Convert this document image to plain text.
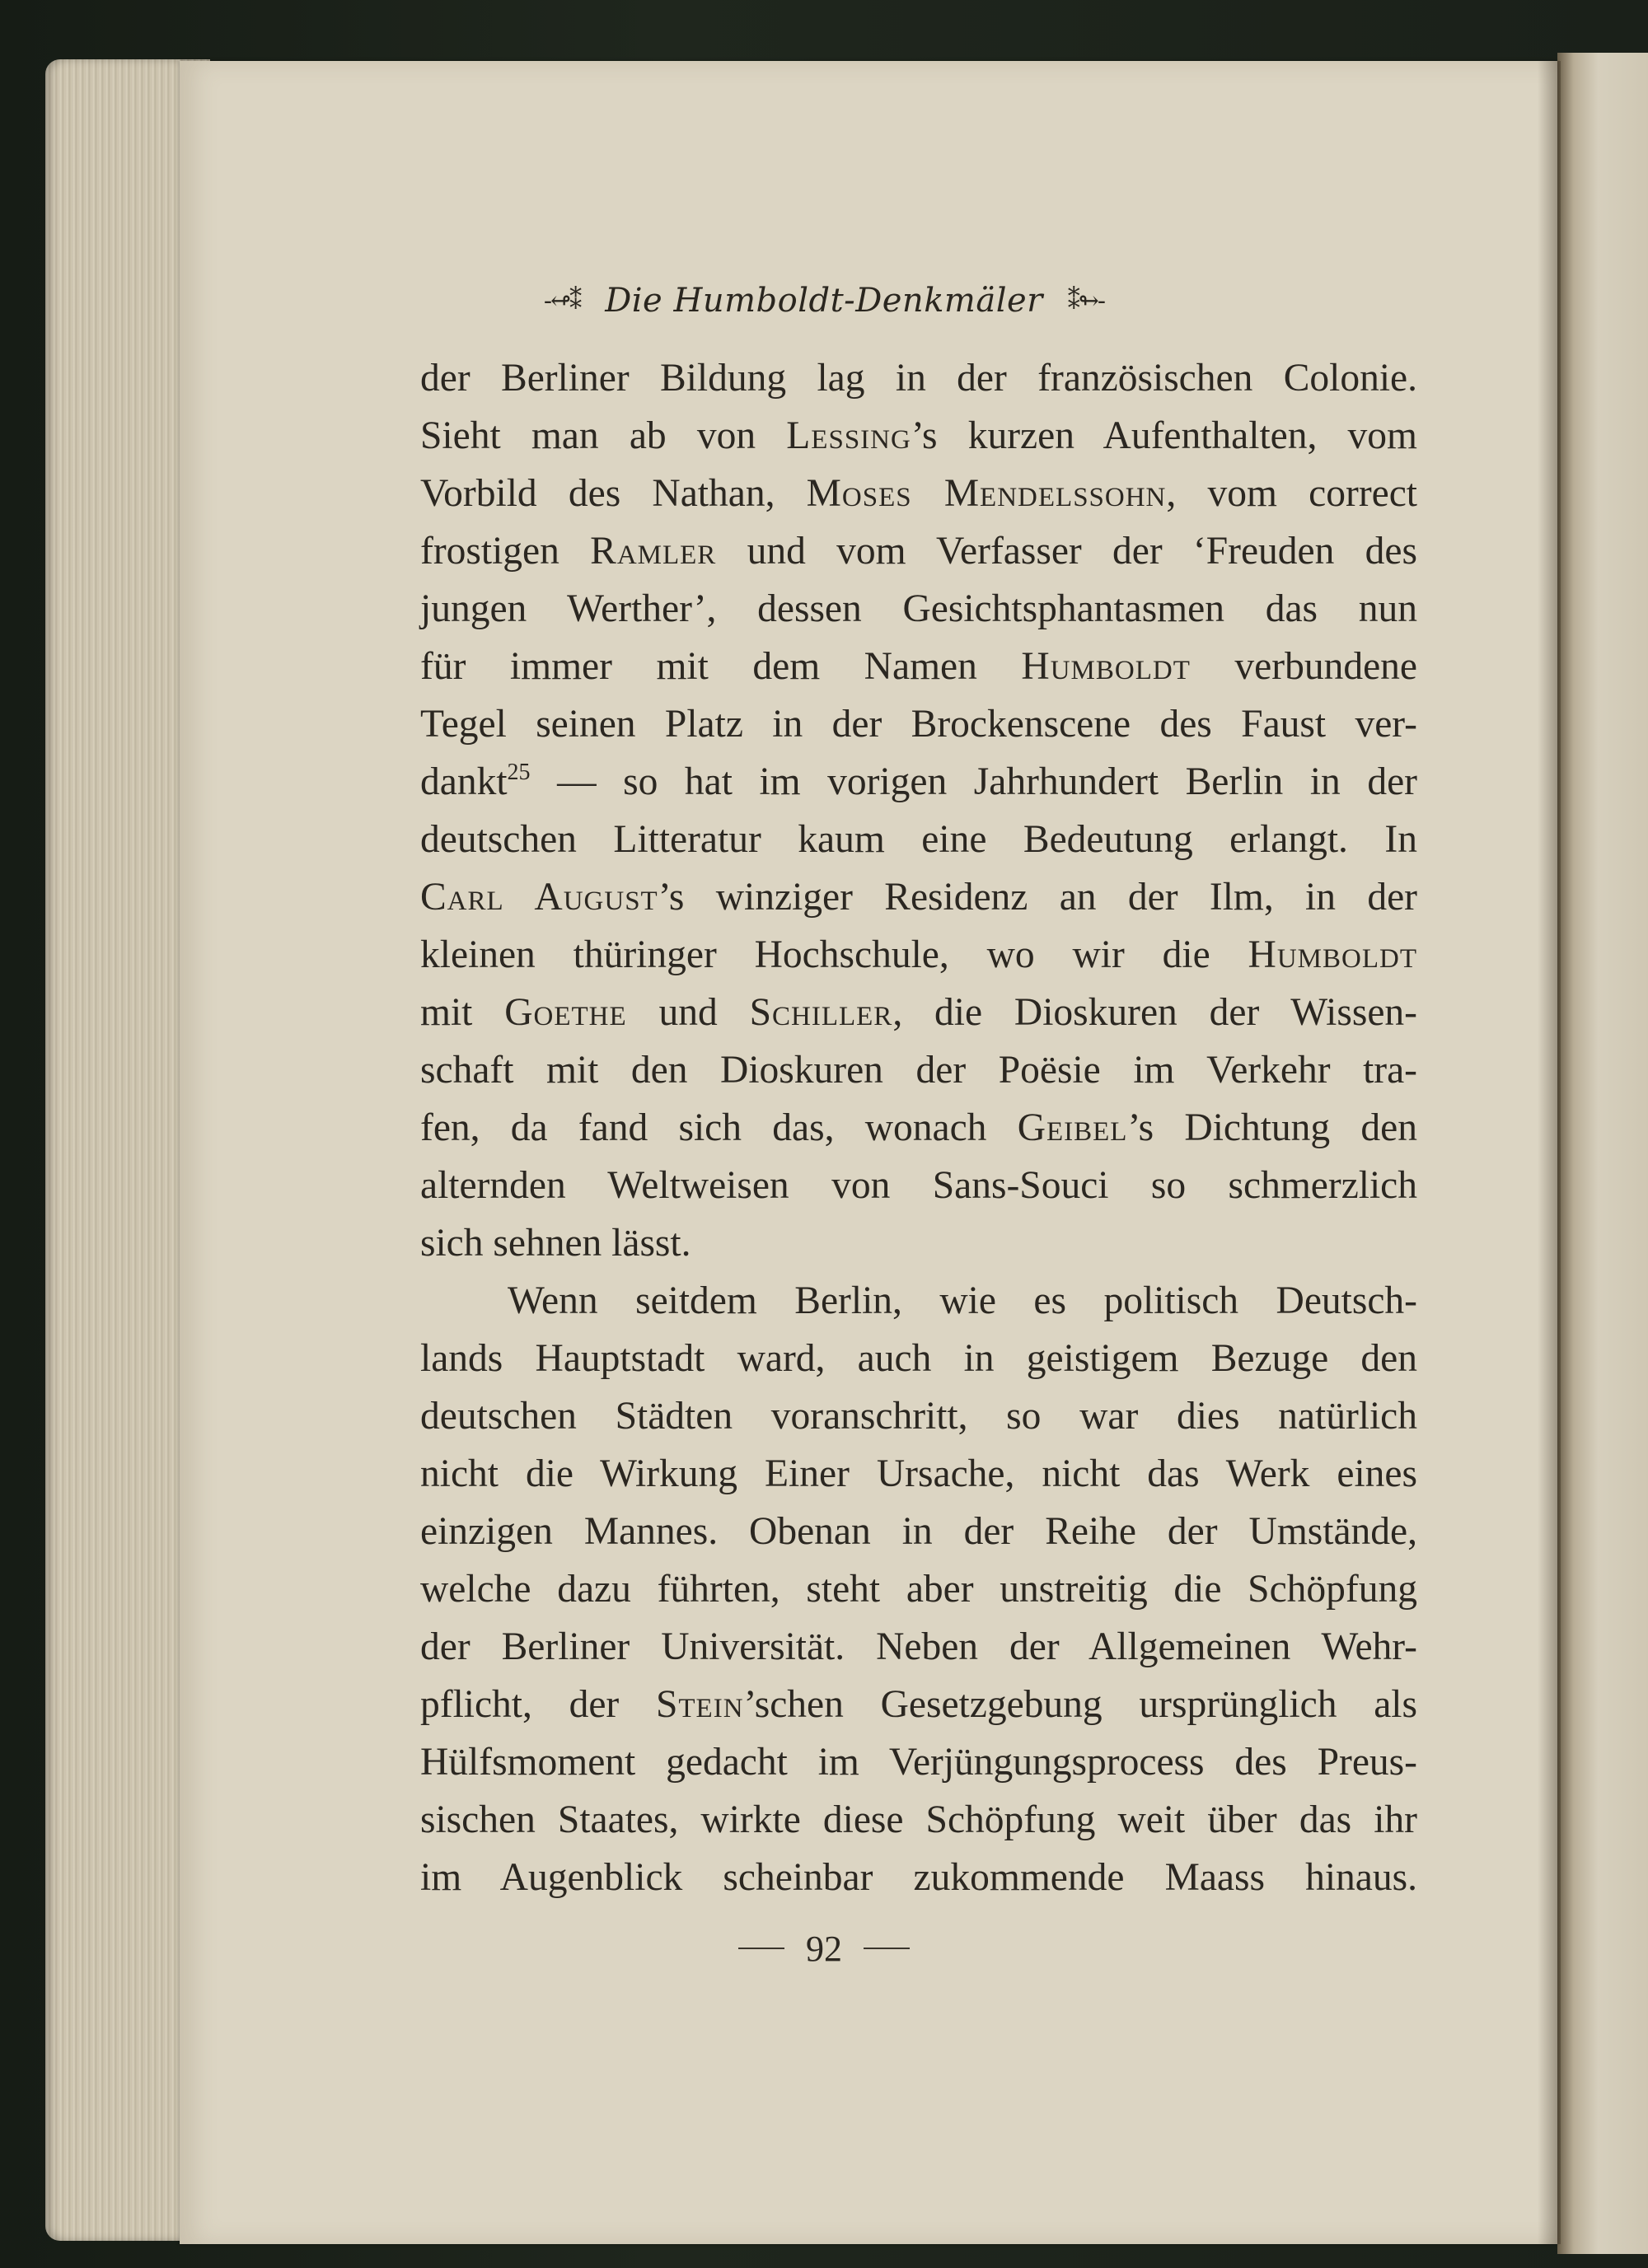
-↫⁑ Die Humboldt-Denkmäler ⁑↬-
der Berliner Bildung lag in der französischen Colonie.
Sieht man ab von Lessing’s kurzen Aufenthalten, vom
Vorbild des Nathan, Moses Mendelssohn, vom correct
frostigen Ramler und vom Verfasser der ‘Freuden des
jungen Werther’, dessen Gesichtsphantasmen das nun
für immer mit dem Namen Humboldt verbundene
Tegel seinen Platz in der Brockenscene des Faust ver-
dankt$^{25}$ — so hat im vorigen Jahrhundert Berlin in der
deutschen Litteratur kaum eine Bedeutung erlangt. In
Carl August’s winziger Residenz an der Ilm, in der
kleinen thüringer Hochschule, wo wir die Humboldt
mit Goethe und Schiller, die Dioskuren der Wissen-
schaft mit den Dioskuren der Poësie im Verkehr tra-
fen, da fand sich das, wonach Geibel’s Dichtung den
alternden Weltweisen von Sans-Souci so schmerzlich
sich sehnen lässt.
Wenn seitdem Berlin, wie es politisch Deutsch-
lands Hauptstadt ward, auch in geistigem Bezuge den
deutschen Städten voranschritt, so war dies natürlich
nicht die Wirkung Einer Ursache, nicht das Werk eines
einzigen Mannes. Obenan in der Reihe der Umstände,
welche dazu führten, steht aber unstreitig die Schöpfung
der Berliner Universität. Neben der Allgemeinen Wehr-
pflicht, der Stein’schen Gesetzgebung ursprünglich als
Hülfsmoment gedacht im Verjüngungsprocess des Preus-
sischen Staates, wirkte diese Schöpfung weit über das ihr
im Augenblick scheinbar zukommende Maass hinaus.
92
